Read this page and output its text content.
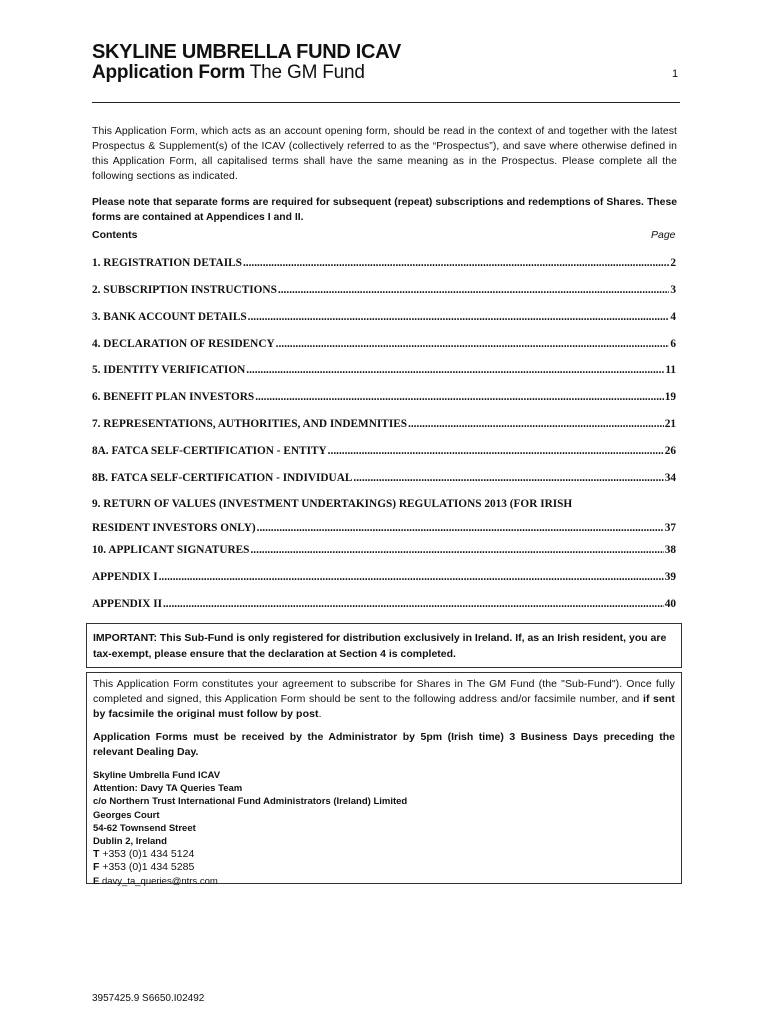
SKYLINE UMBRELLA FUND ICAV
Application Form The GM Fund	1
This Application Form, which acts as an account opening form, should be read in the context of and together with the latest Prospectus & Supplement(s) of the ICAV (collectively referred to as the “Prospectus”), and save where otherwise defined in this Application Form, all capitalised terms shall have the same meaning as in the Prospectus. Please complete all the following sections as indicated.
Please note that separate forms are required for subsequent (repeat) subscriptions and redemptions of Shares. These forms are contained at Appendices I and II.
Contents	Page
1. REGISTRATION DETAILS .....	2
2. SUBSCRIPTION INSTRUCTIONS .....	3
3. BANK ACCOUNT DETAILS .....	4
4. DECLARATION OF RESIDENCY .....	6
5. IDENTITY VERIFICATION .....	11
6. BENEFIT PLAN INVESTORS .....	19
7. REPRESENTATIONS, AUTHORITIES, AND INDEMNITIES .....	21
8A. FATCA SELF-CERTIFICATION - ENTITY .....	26
8B. FATCA SELF-CERTIFICATION - INDIVIDUAL .....	34
9. RETURN OF VALUES (INVESTMENT UNDERTAKINGS) REGULATIONS 2013 (FOR IRISH
RESIDENT INVESTORS ONLY) .....	37
10. APPLICANT SIGNATURES .....	38
APPENDIX I .....	39
APPENDIX II .....	40
IMPORTANT: This Sub-Fund is only registered for distribution exclusively in Ireland. If, as an Irish resident, you are tax-exempt, please ensure that the declaration at Section 4 is completed.
This Application Form constitutes your agreement to subscribe for Shares in The GM Fund (the "Sub-Fund"). Once fully completed and signed, this Application Form should be sent to the following address and/or facsimile number, and if sent by facsimile the original must follow by post.
Application Forms must be received by the Administrator by 5pm (Irish time) 3 Business Days preceding the relevant Dealing Day.
Skyline Umbrella Fund ICAV
Attention: Davy TA Queries Team
c/o Northern Trust International Fund Administrators (Ireland) Limited
Georges Court
54-62 Townsend Street
Dublin 2, Ireland
T +353 (0)1 434 5124
F +353 (0)1 434 5285
E davy_ta_queries@ntrs.com
3957425.9 S6650.I02492
